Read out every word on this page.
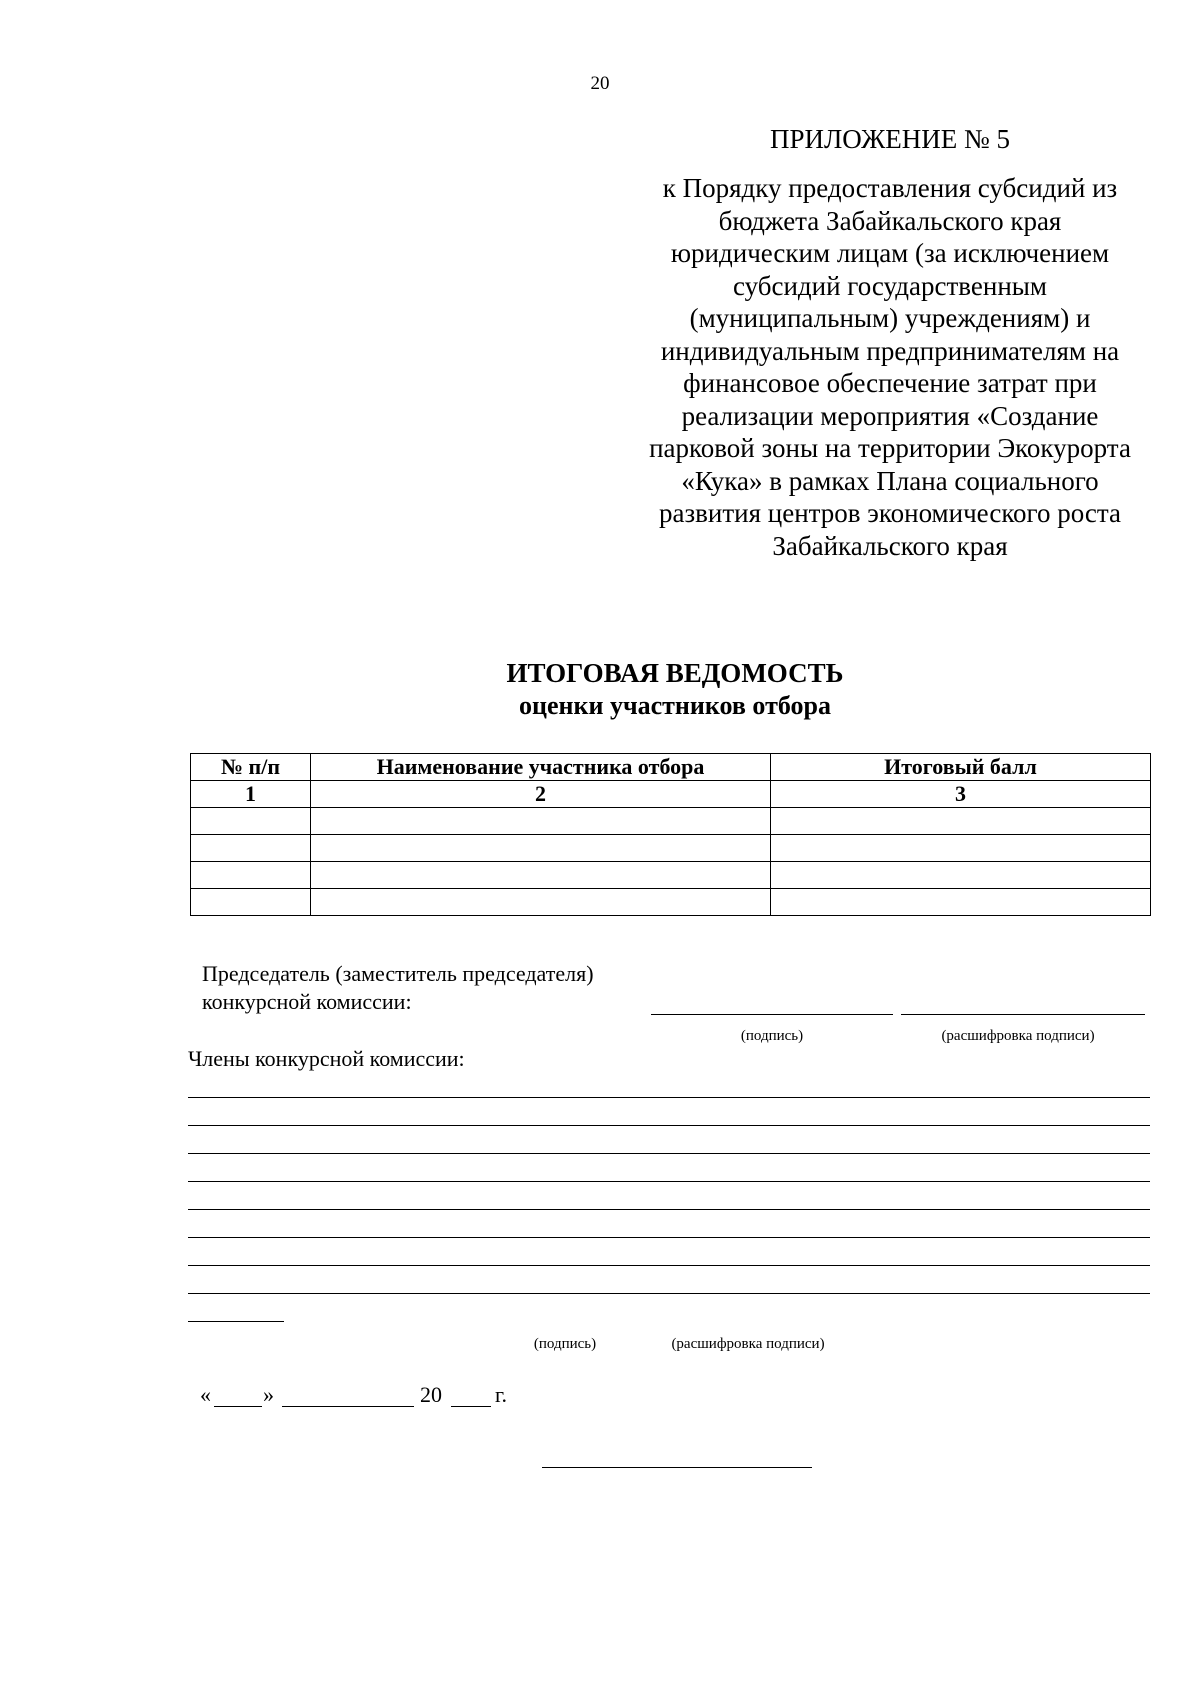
20
ПРИЛОЖЕНИЕ № 5
к Порядку предоставления субсидий из
бюджета Забайкальского края
юридическим лицам (за исключением
субсидий государственным
(муниципальным) учреждениям) и
индивидуальным предпринимателям на
финансовое обеспечение затрат при
реализации мероприятия «Создание
парковой зоны на территории Экокурорта
«Кука» в рамках Плана социального
развития центров экономического роста
Забайкальского края
ИТОГОВАЯ ВЕДОМОСТЬ
оценки участников отбора
№ п/п	Наименование участника отбора	Итоговый балл
1	2	3

Председатель (заместитель председателя)
конкурсной комиссии:
(подпись)	(расшифровка подписи)
Члены конкурсной комиссии:
(подпись)	(расшифровка подписи)
« »	20 г.
